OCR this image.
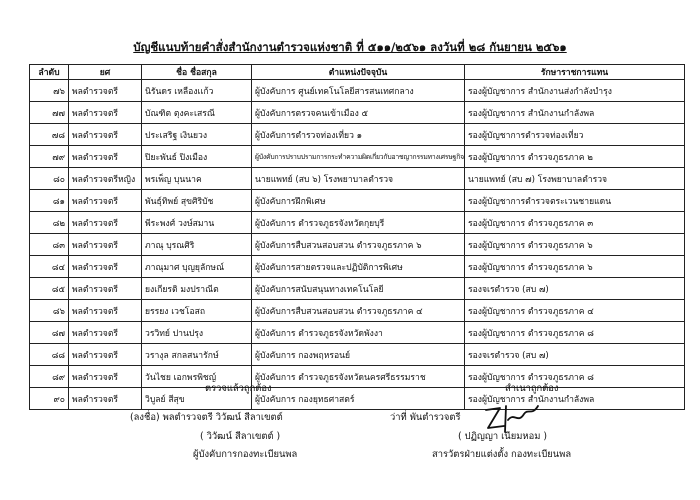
บัญชีแนบท้ายคำสั่งสำนักงานตำรวจแห่งชาติ ที่ ๕๑๑/๒๕๖๑ ลงวันที่ ๒๘ กันยายน ๒๕๖๑
ลำดับ	ยศ	ชื่อ ชื่อสกุล	ตำแหน่งปัจจุบัน	รักษาราชการแทน
๗๖	พลตำรวจตรี	นิรันดร เหลืองเเก้ว	ผู้บังคับการ ศูนย์เทคโนโลยีสารสนเทศกลาง	รองผู้บัญชาการ สำนักงานส่งกำลังบำรุง
๗๗	พลตำรวจตรี	บัณฑิต ตุงคะเสรณี	ผู้บังคับการตรวจคนเข้าเมือง ๕	รองผู้บัญชาการ สำนักงานกำลังพล
๗๘	พลตำรวจตรี	ประเสริฐ เงินยวง	ผู้บังคับการตำรวจท่องเที่ยว ๑	รองผู้บัญชาการตำรวจท่องเที่ยว
๗๙	พลตำรวจตรี	ปิยะพันธ์ ปิงเมือง	ผู้บังคับการปราบปรามการกระทำความผิดเกี่ยวกับอาชญากรรมทางเศรษฐกิจ	รองผู้บัญชาการ ตำรวจภูธรภาค ๒
๘๐	พลตำรวจตรีหญิง	พรเพ็ญ บุนนาค	นายแพทย์ (สบ ๖) โรงพยาบาลตำรวจ	นายแพทย์ (สบ ๗) โรงพยาบาลตำรวจ
๘๑	พลตำรวจตรี	พันธุ์ทิพย์ สุขศิริบัช	ผู้บังคับการฝึกพิเศษ	รองผู้บัญชาการตำรวจตระเวนชายแดน
๘๒	พลตำรวจตรี	พีระพงศ์ วงษ์สมาน	ผู้บังคับการ ตำรวจภูธรจังหวัดกุยบุรี	รองผู้บัญชาการ ตำรวจภูธรภาค ๓
๘๓	พลตำรวจตรี	ภาณุ บุรณศิริ	ผู้บังคับการสืบสวนสอบสวน ตำรวจภูธรภาค ๖	รองผู้บัญชาการ ตำรวจภูธรภาค ๖
๘๔	พลตำรวจตรี	ภาณุมาศ บุญยุลักษณ์	ผู้บังคับการสายตรวจและปฏิบัติการพิเศษ	รองผู้บัญชาการ ตำรวจภูธรภาค ๖
๘๕	พลตำรวจตรี	ยงเกียรติ มงปราณีต	ผู้บังคับการสนับสนุนทางเทคโนโลยี	รองจเรตำรวจ (สบ ๗)
๘๖	พลตำรวจตรี	ยรรยง เวชโอสถ	ผู้บังคับการสืบสวนสอบสวน ตำรวจภูธรภาค ๔	รองผู้บัญชาการ ตำรวจภูธรภาค ๔
๘๗	พลตำรวจตรี	วรวิทย์ ปานปรุง	ผู้บังคับการ ตำรวจภูธรจังหวัดพังงา	รองผู้บัญชาการ ตำรวจภูธรภาค ๘
๘๘	พลตำรวจตรี	วรางุล สกลสนารักษ์	ผู้บังคับการ กองพฤหรอนย์	รองจเรตำรวจ (สบ ๗)
๘๙	พลตำรวจตรี	วันไชย เอกพรพิชญ์	ผู้บังคับการ ตำรวจภูธรจังหวัดนครศรีธรรมราช	รองผู้บัญชาการ ตำรวจภูธรภาค ๘
๙๐	พลตำรวจตรี	วิบูลย์ สีสุข	ผู้บังคับการ กองยุทธศาสตร์	รองผู้บัญชาการ สำนักงานกำลังพล
ตรวจแล้วถูกต้อง
(ลงชื่อ) พลตำรวจตรี วิวัฒน์ สีลาเขตต์
( วิวัฒน์ สีลาเขตต์ )
ผู้บังคับการกองทะเบียนพล
สำเนาถูกต้อง
ว่าที่ พันตำรวจตรี
( ปฏิญญา เนียมหอม )
สารวัตรฝ่ายแต่งตั้ง กองทะเบียนพล
